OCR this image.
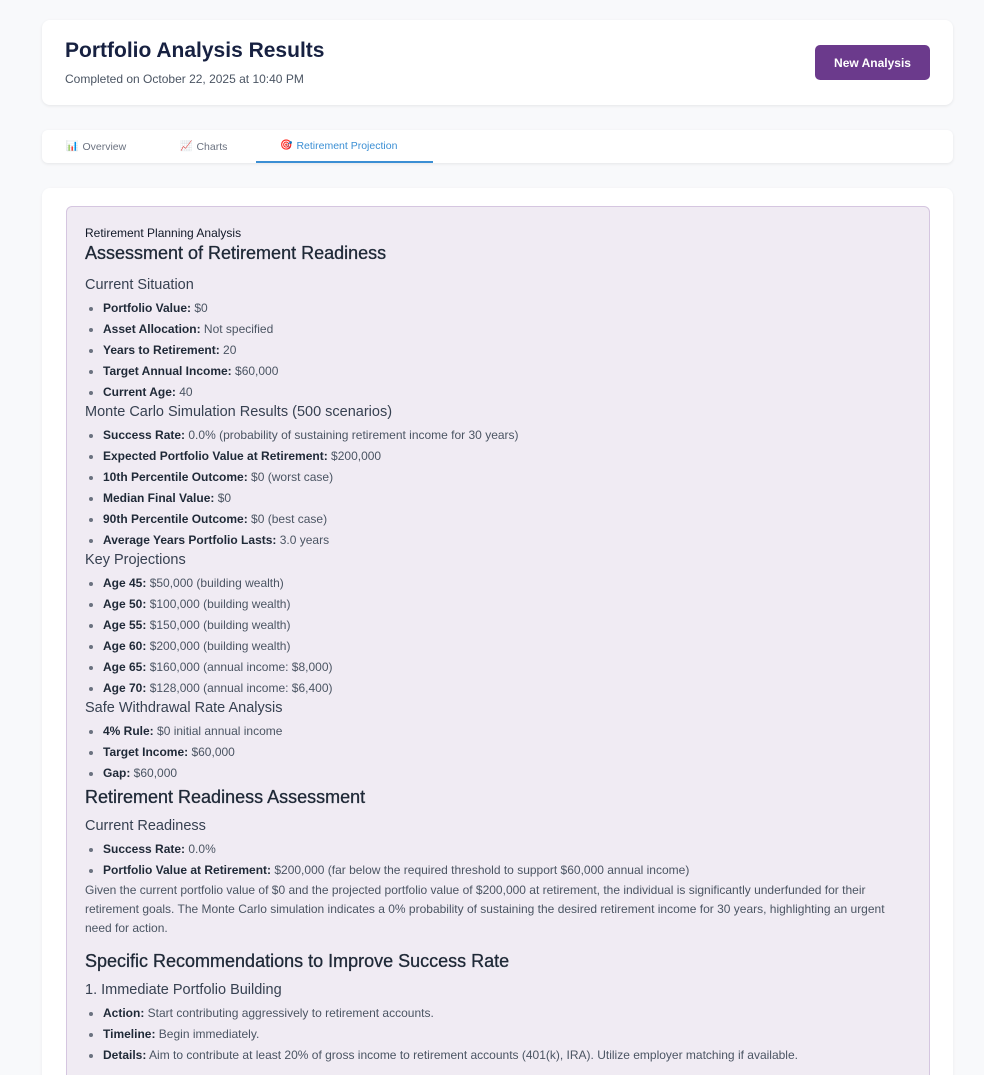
Portfolio Analysis Results
Completed on October 22, 2025 at 10:40 PM
New Analysis
📊 Overview	📈 Charts	🎯 Retirement Projection
Retirement Planning Analysis
Assessment of Retirement Readiness
Current Situation
• Portfolio Value: $0
• Asset Allocation: Not specified
• Years to Retirement: 20
• Target Annual Income: $60,000
• Current Age: 40
Monte Carlo Simulation Results (500 scenarios)
• Success Rate: 0.0% (probability of sustaining retirement income for 30 years)
• Expected Portfolio Value at Retirement: $200,000
• 10th Percentile Outcome: $0 (worst case)
• Median Final Value: $0
• 90th Percentile Outcome: $0 (best case)
• Average Years Portfolio Lasts: 3.0 years
Key Projections
• Age 45: $50,000 (building wealth)
• Age 50: $100,000 (building wealth)
• Age 55: $150,000 (building wealth)
• Age 60: $200,000 (building wealth)
• Age 65: $160,000 (annual income: $8,000)
• Age 70: $128,000 (annual income: $6,400)
Safe Withdrawal Rate Analysis
• 4% Rule: $0 initial annual income
• Target Income: $60,000
• Gap: $60,000
Retirement Readiness Assessment
Current Readiness
• Success Rate: 0.0%
• Portfolio Value at Retirement: $200,000 (far below the required threshold to support $60,000 annual income)

Given the current portfolio value of $0 and the projected portfolio value of $200,000 at retirement, the individual is significantly underfunded for their retirement goals. The Monte Carlo simulation indicates a 0% probability of sustaining the desired retirement income for 30 years, highlighting an urgent need for action.

Specific Recommendations to Improve Success Rate
1. Immediate Portfolio Building
• Action: Start contributing aggressively to retirement accounts.
• Timeline: Begin immediately.
• Details: Aim to contribute at least 20% of gross income to retirement accounts (401(k), IRA). Utilize employer matching if available.
